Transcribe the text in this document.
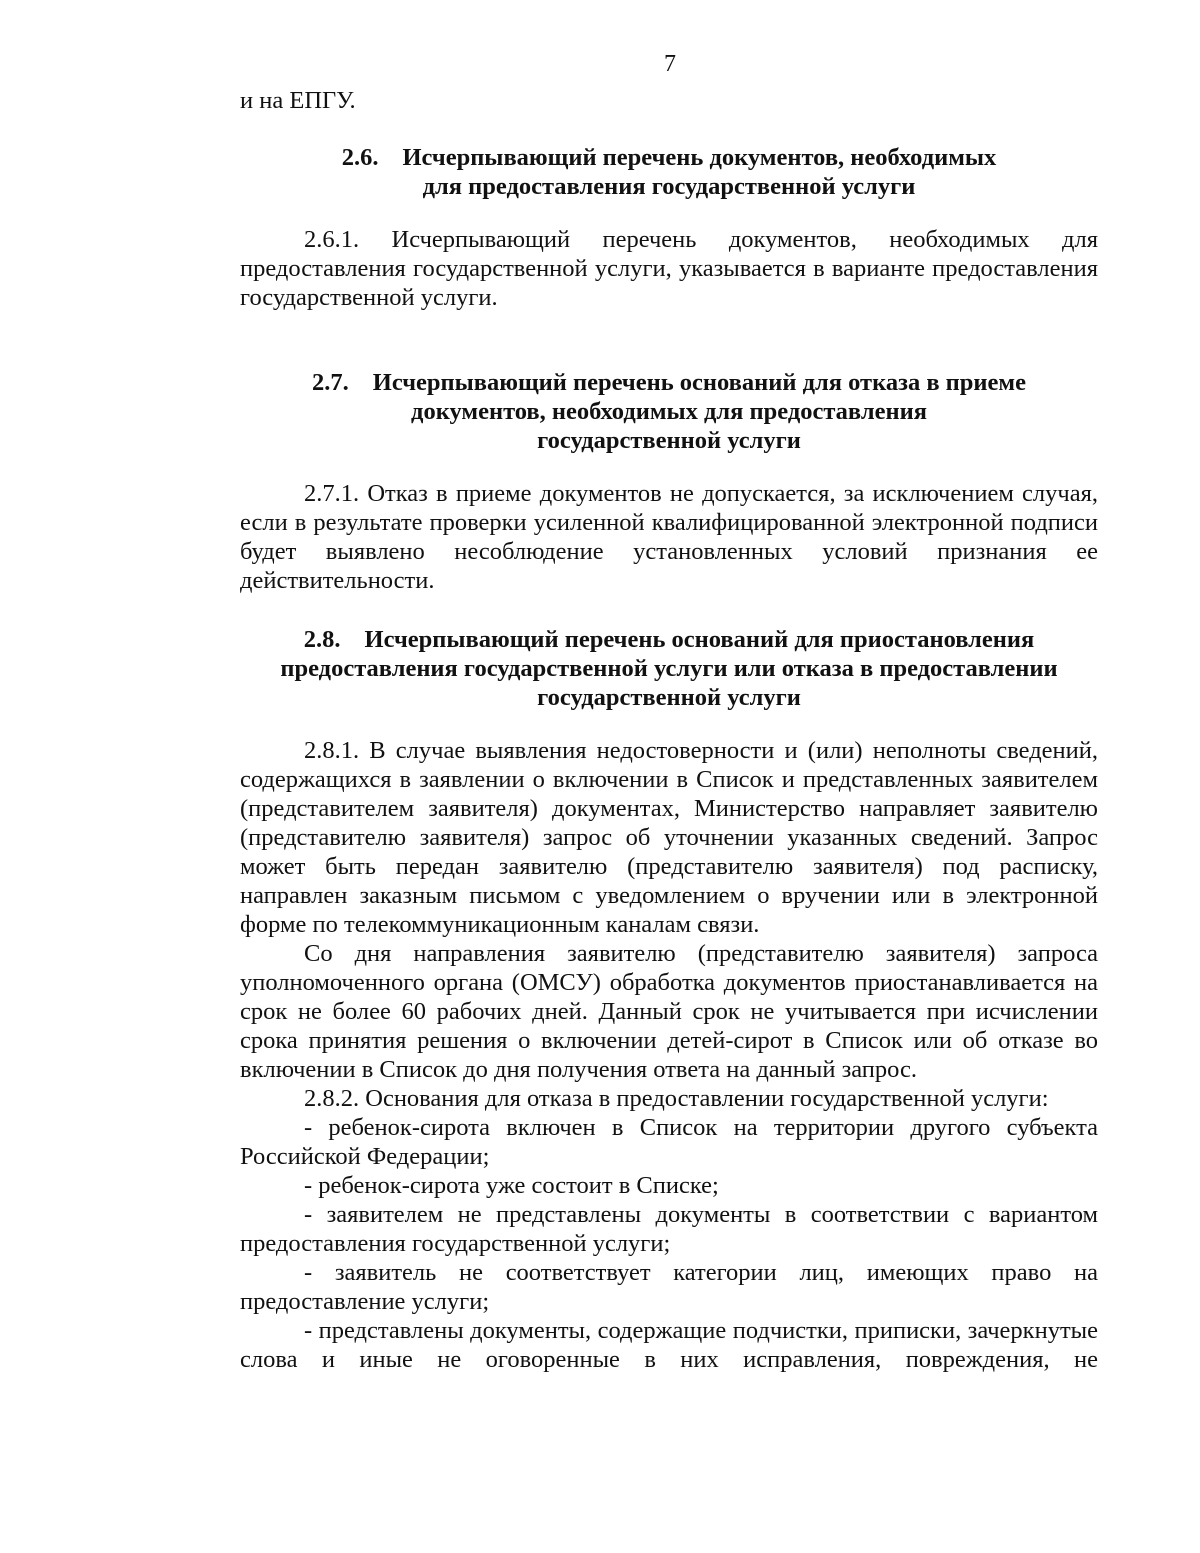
7

и на ЕПГУ.

2.6. Исчерпывающий перечень документов, необходимых
для предоставления государственной услуги

2.6.1. Исчерпывающий перечень документов, необходимых для предоставления государственной услуги, указывается в варианте предоставления государственной услуги.

2.7. Исчерпывающий перечень оснований для отказа в приеме
документов, необходимых для предоставления
государственной услуги

2.7.1. Отказ в приеме документов не допускается, за исключением случая, если в результате проверки усиленной квалифицированной электронной подписи будет выявлено несоблюдение установленных условий признания ее действительности.

2.8. Исчерпывающий перечень оснований для приостановления
предоставления государственной услуги или отказа в предоставлении
государственной услуги

2.8.1. В случае выявления недостоверности и (или) неполноты сведений, содержащихся в заявлении о включении в Список и представленных заявителем (представителем заявителя) документах, Министерство направляет заявителю (представителю заявителя) запрос об уточнении указанных сведений. Запрос может быть передан заявителю (представителю заявителя) под расписку, направлен заказным письмом с уведомлением о вручении или в электронной форме по телекоммуникационным каналам связи.

Со дня направления заявителю (представителю заявителя) запроса уполномоченного органа (ОМСУ) обработка документов приостанавливается на срок не более 60 рабочих дней. Данный срок не учитывается при исчислении срока принятия решения о включении детей-сирот в Список или об отказе во включении в Список до дня получения ответа на данный запрос.

2.8.2. Основания для отказа в предоставлении государственной услуги:

- ребенок-сирота включен в Список на территории другого субъекта Российской Федерации;

- ребенок-сирота уже состоит в Списке;

- заявителем не представлены документы в соответствии с вариантом предоставления государственной услуги;

- заявитель не соответствует категории лиц, имеющих право на предоставление услуги;

- представлены документы, содержащие подчистки, приписки, зачеркнутые слова и иные не оговоренные в них исправления, повреждения, не
